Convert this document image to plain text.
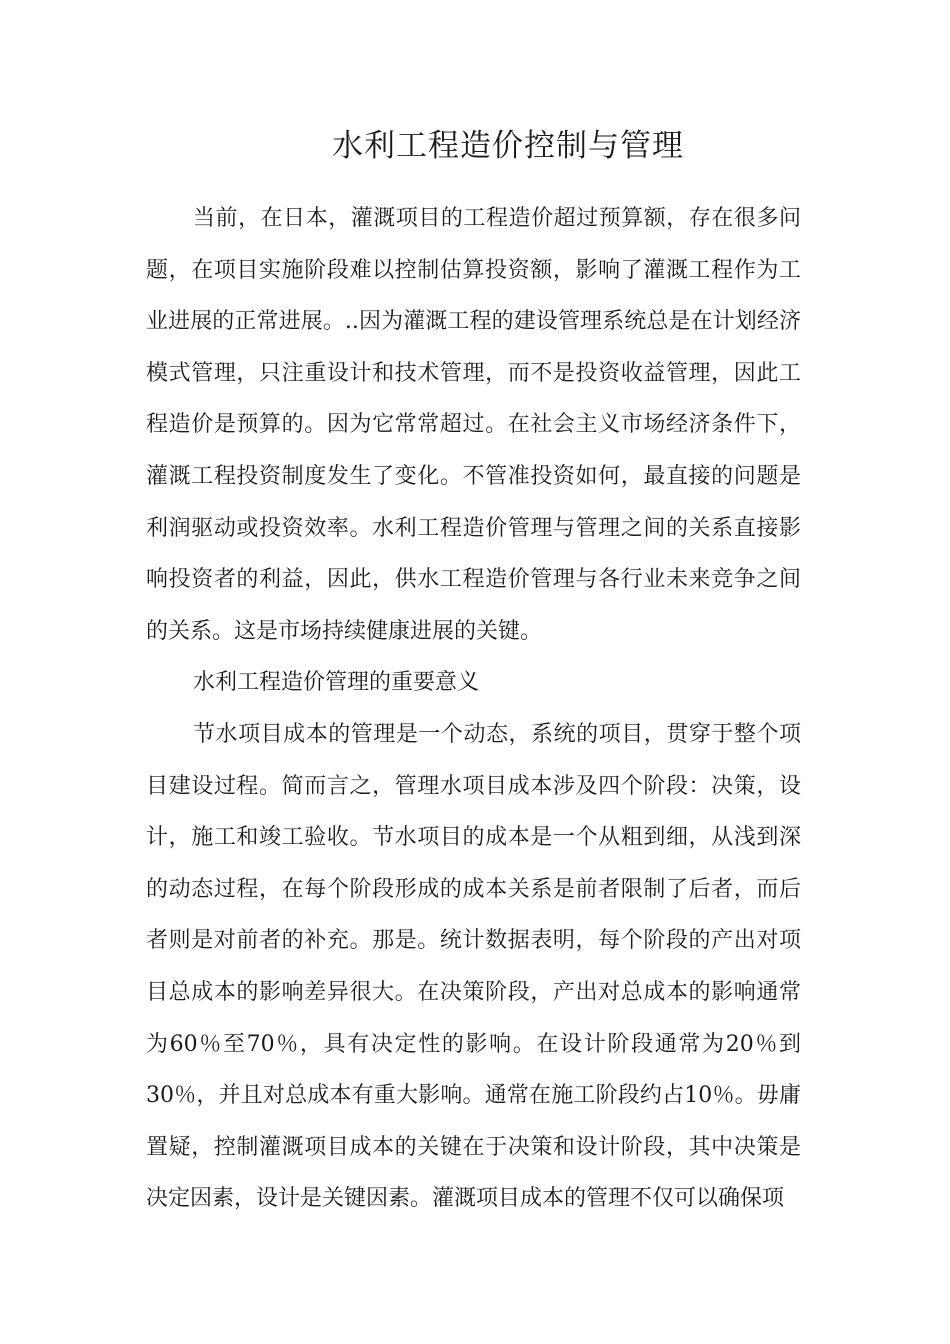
水利工程造价控制与管理

当前，在日本，灌溉项目的工程造价超过预算额，存在很多问题，在项目实施阶段难以控制估算投资额，影响了灌溉工程作为工业进展的正常进展。..因为灌溉工程的建设管理系统总是在计划经济模式管理，只注重设计和技术管理，而不是投资收益管理，因此工程造价是预算的。因为它常常超过。在社会主义市场经济条件下，灌溉工程投资制度发生了变化。不管准投资如何，最直接的问题是利润驱动或投资效率。水利工程造价管理与管理之间的关系直接影响投资者的利益，因此，供水工程造价管理与各行业未来竞争之间的关系。这是市场持续健康进展的关键。

水利工程造价管理的重要意义

节水项目成本的管理是一个动态，系统的项目，贯穿于整个项目建设过程。简而言之，管理水项目成本涉及四个阶段：决策，设计，施工和竣工验收。节水项目的成本是一个从粗到细，从浅到深的动态过程，在每个阶段形成的成本关系是前者限制了后者，而后者则是对前者的补充。那是。统计数据表明，每个阶段的产出对项目总成本的影响差异很大。在决策阶段，产出对总成本的影响通常为60％至70％，具有决定性的影响。在设计阶段通常为20％到30％，并且对总成本有重大影响。通常在施工阶段约占10％。毋庸置疑，控制灌溉项目成本的关键在于决策和设计阶段，其中决策是决定因素，设计是关键因素。灌溉项目成本的管理不仅可以确保项
